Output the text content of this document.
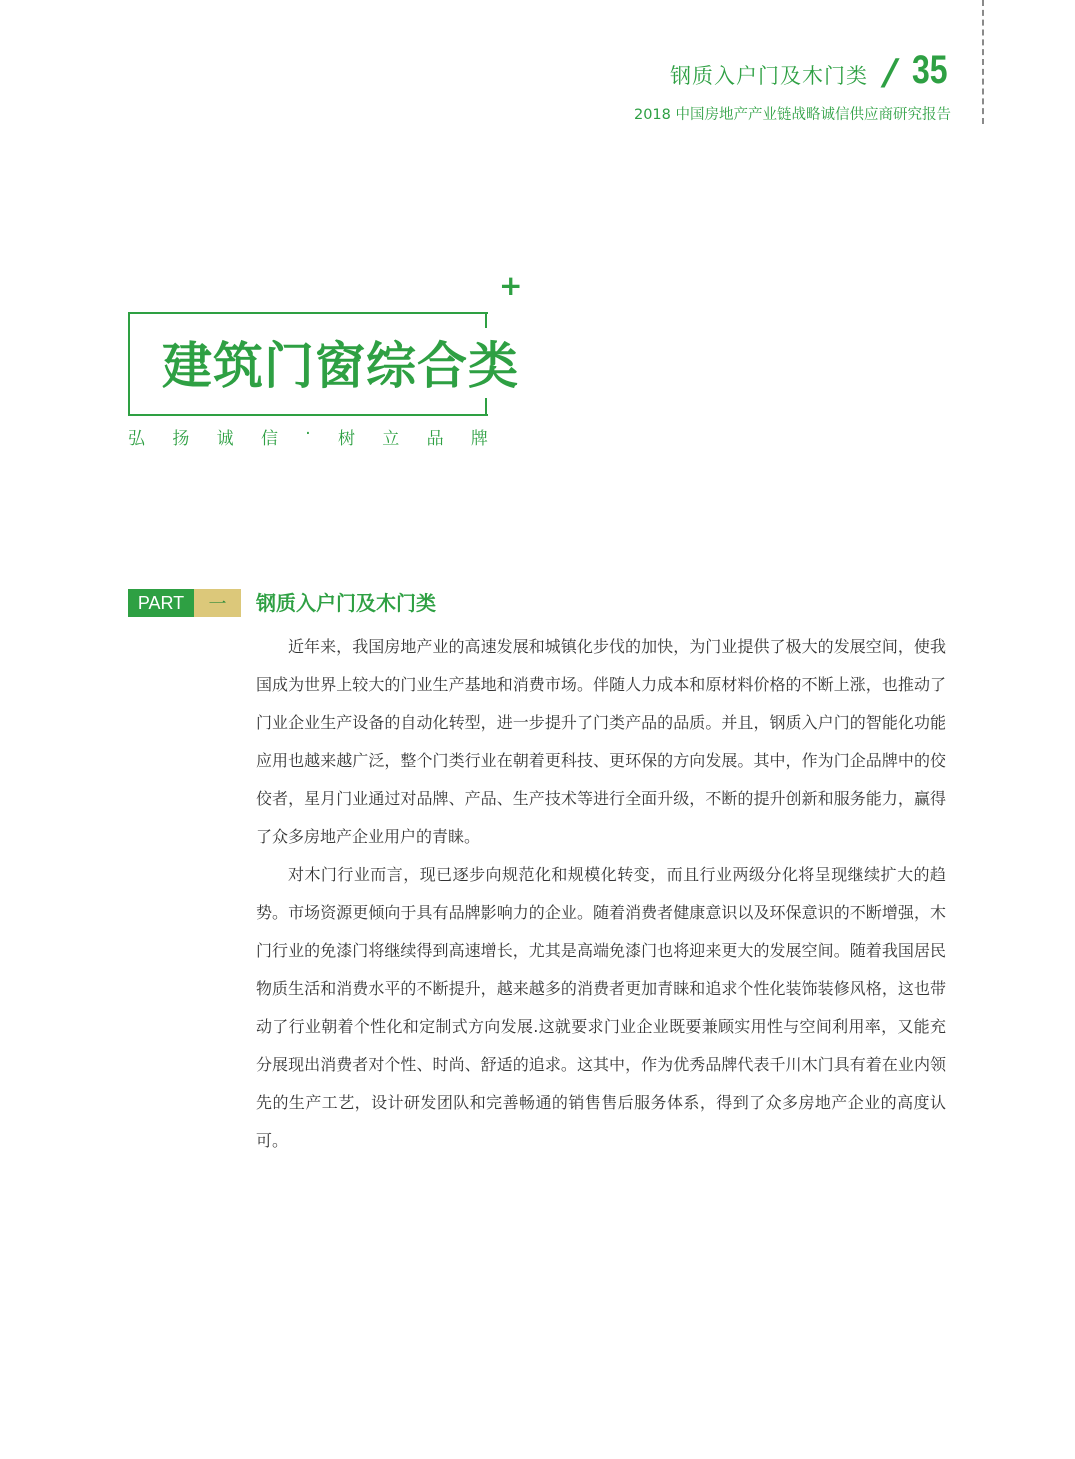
钢质入户门及木门类 / 35
2018 中国房地产产业链战略诚信供应商研究报告
+
建筑门窗综合类
弘 扬 诚 信 · 树 立 品 牌
PART	一	钢质入户门及木门类

近年来，我国房地产业的高速发展和城镇化步伐的加快，为门业提供了极大的发展空间，使我国成为世界上较大的门业生产基地和消费市场。伴随人力成本和原材料价格的不断上涨，也推动了门业企业生产设备的自动化转型，进一步提升了门类产品的品质。并且，钢质入户门的智能化功能应用也越来越广泛，整个门类行业在朝着更科技、更环保的方向发展。其中，作为门企品牌中的佼佼者，星月门业通过对品牌、产品、生产技术等进行全面升级，不断的提升创新和服务能力，赢得了众多房地产企业用户的青睐。

对木门行业而言，现已逐步向规范化和规模化转变，而且行业两级分化将呈现继续扩大的趋势。市场资源更倾向于具有品牌影响力的企业。随着消费者健康意识以及环保意识的不断增强，木门行业的免漆门将继续得到高速增长，尤其是高端免漆门也将迎来更大的发展空间。随着我国居民物质生活和消费水平的不断提升，越来越多的消费者更加青睐和追求个性化装饰装修风格，这也带动了行业朝着个性化和定制式方向发展.这就要求门业企业既要兼顾实用性与空间利用率，又能充分展现出消费者对个性、时尚、舒适的追求。这其中，作为优秀品牌代表千川木门具有着在业内领先的生产工艺，设计研发团队和完善畅通的销售售后服务体系，得到了众多房地产企业的高度认可。
